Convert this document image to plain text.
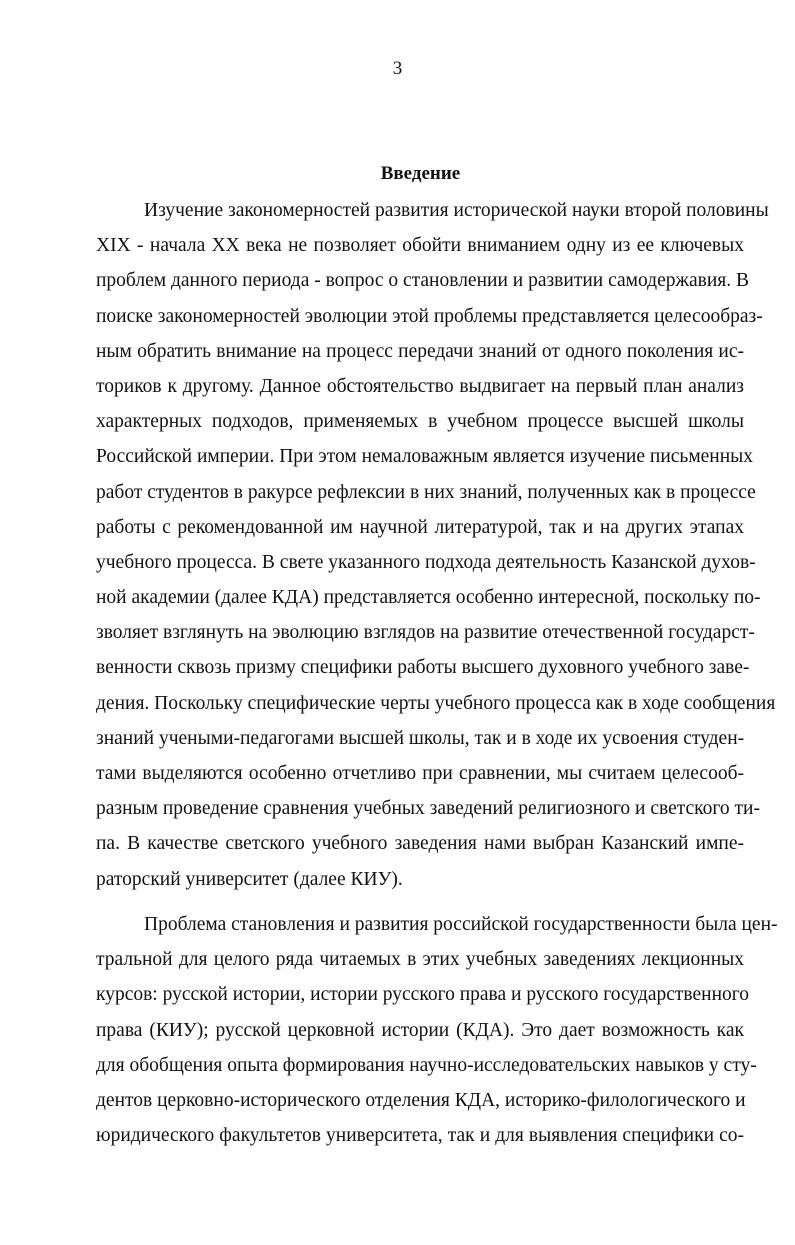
3
Введение
Изучение закономерностей развития исторической науки второй половины
XIX - начала XX века не позволяет обойти вниманием одну из ее ключевых
проблем данного периода - вопрос о становлении и развитии самодержавия. В
поиске закономерностей эволюции этой проблемы представляется целесообраз-
ным обратить внимание на процесс передачи знаний от одного поколения ис-
ториков к другому. Данное обстоятельство выдвигает на первый план анализ
характерных подходов, применяемых в учебном процессе высшей школы
Российской империи. При этом немаловажным является изучение письменных
работ студентов в ракурсе рефлексии в них знаний, полученных как в процессе
работы с рекомендованной им научной литературой, так и на других этапах
учебного процесса. В свете указанного подхода деятельность Казанской духов-
ной академии (далее КДА) представляется особенно интересной, поскольку по-
зволяет взглянуть на эволюцию взглядов на развитие отечественной государст-
венности сквозь призму специфики работы высшего духовного учебного заве-
дения. Поскольку специфические черты учебного процесса как в ходе сообщения
знаний учеными-педагогами высшей школы, так и в ходе их усвоения студен-
тами выделяются особенно отчетливо при сравнении, мы считаем целесооб-
разным проведение сравнения учебных заведений религиозного и светского ти-
па. В качестве светского учебного заведения нами выбран Казанский импе-
раторский университет (далее КИУ).
Проблема становления и развития российской государственности была цен-
тральной для целого ряда читаемых в этих учебных заведениях лекционных
курсов: русской истории, истории русского права и русского государственного
права (КИУ); русской церковной истории (КДА). Это дает возможность как
для обобщения опыта формирования научно-исследовательских навыков у сту-
дентов церковно-исторического отделения КДА, историко-филологического и
юридического факультетов университета, так и для выявления специфики со-
